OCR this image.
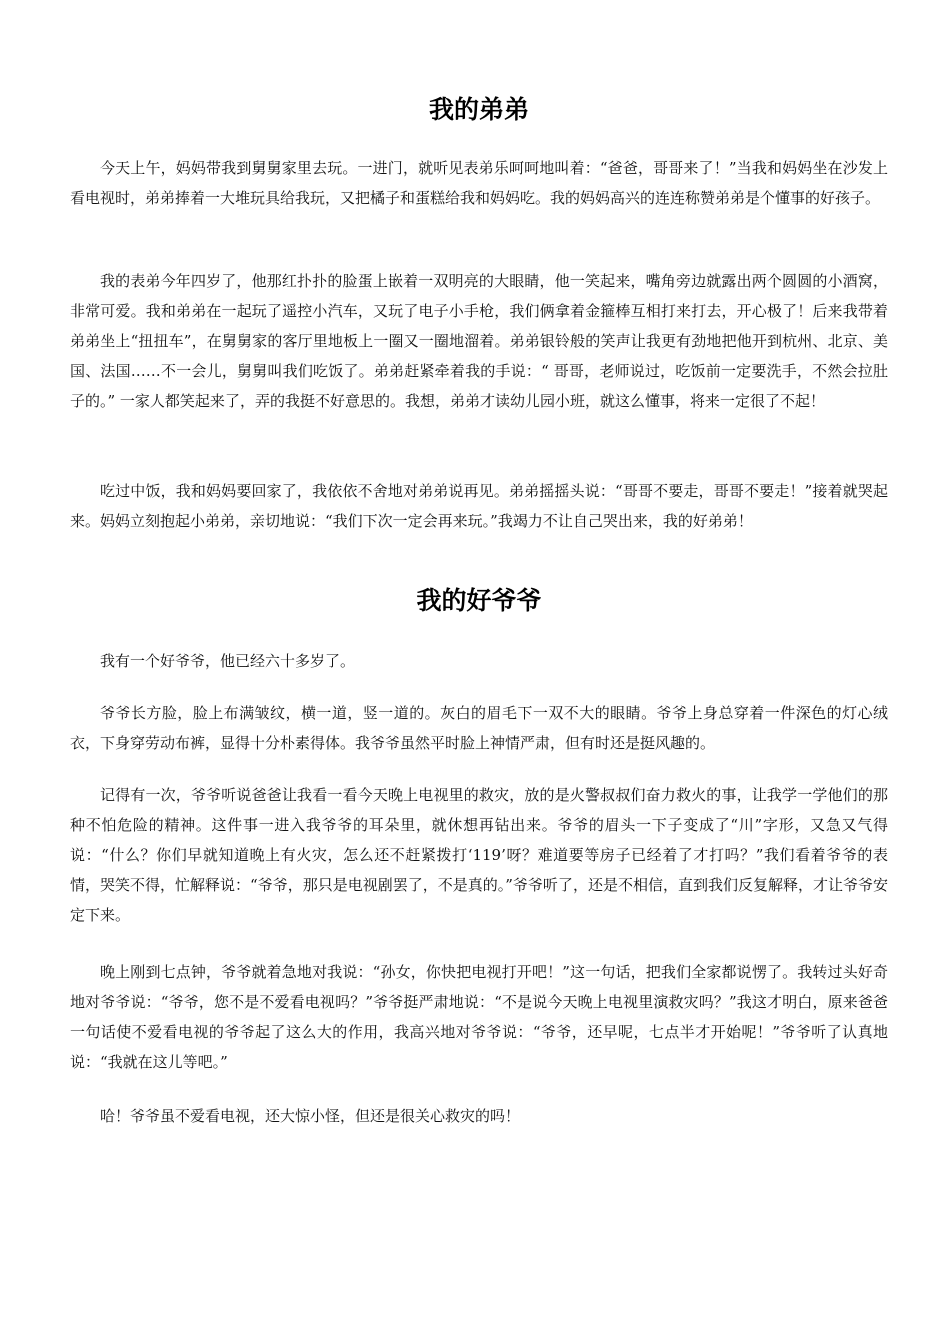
我的弟弟

今天上午，妈妈带我到舅舅家里去玩。一进门，就听见表弟乐呵呵地叫着：“爸爸，哥哥来了！”当我和妈妈坐在沙发上看电视时，弟弟捧着一大堆玩具给我玩，又把橘子和蛋糕给我和妈妈吃。我的妈妈高兴的连连称赞弟弟是个懂事的好孩子。

我的表弟今年四岁了，他那红扑扑的脸蛋上嵌着一双明亮的大眼睛，他一笑起来，嘴角旁边就露出两个圆圆的小酒窝，非常可爱。我和弟弟在一起玩了遥控小汽车，又玩了电子小手枪，我们俩拿着金箍棒互相打来打去，开心极了！后来我带着弟弟坐上“扭扭车”，在舅舅家的客厅里地板上一圈又一圈地溜着。弟弟银铃般的笑声让我更有劲地把他开到杭州、北京、美国、法国……不一会儿，舅舅叫我们吃饭了。弟弟赶紧牵着我的手说：“ 哥哥，老师说过，吃饭前一定要洗手，不然会拉肚子的。” 一家人都笑起来了，弄的我挺不好意思的。我想，弟弟才读幼儿园小班，就这么懂事，将来一定很了不起！

吃过中饭，我和妈妈要回家了，我依依不舍地对弟弟说再见。弟弟摇摇头说：“哥哥不要走，哥哥不要走！”接着就哭起来。妈妈立刻抱起小弟弟，亲切地说：“我们下次一定会再来玩。”我竭力不让自己哭出来，我的好弟弟！

我的好爷爷

我有一个好爷爷，他已经六十多岁了。

爷爷长方脸，脸上布满皱纹，横一道，竖一道的。灰白的眉毛下一双不大的眼睛。爷爷上身总穿着一件深色的灯心绒衣，下身穿劳动布裤，显得十分朴素得体。我爷爷虽然平时脸上神情严肃，但有时还是挺风趣的。

记得有一次，爷爷听说爸爸让我看一看今天晚上电视里的救灾，放的是火警叔叔们奋力救火的事，让我学一学他们的那种不怕危险的精神。这件事一进入我爷爷的耳朵里，就休想再钻出来。爷爷的眉头一下子变成了“川”字形，又急又气得说：“什么？你们早就知道晚上有火灾，怎么还不赶紧拨打‘119’呀？难道要等房子已经着了才打吗？”我们看着爷爷的表情，哭笑不得，忙解释说：“爷爷，那只是电视剧罢了，不是真的。”爷爷听了，还是不相信，直到我们反复解释，才让爷爷安定下来。

晚上刚到七点钟，爷爷就着急地对我说：“孙女，你快把电视打开吧！”这一句话，把我们全家都说愣了。我转过头好奇地对爷爷说：“爷爷，您不是不爱看电视吗？”爷爷挺严肃地说：“不是说今天晚上电视里演救灾吗？”我这才明白，原来爸爸一句话使不爱看电视的爷爷起了这么大的作用，我高兴地对爷爷说：“爷爷，还早呢，七点半才开始呢！”爷爷听了认真地说：“我就在这儿等吧。”

哈！爷爷虽不爱看电视，还大惊小怪，但还是很关心救灾的吗！
